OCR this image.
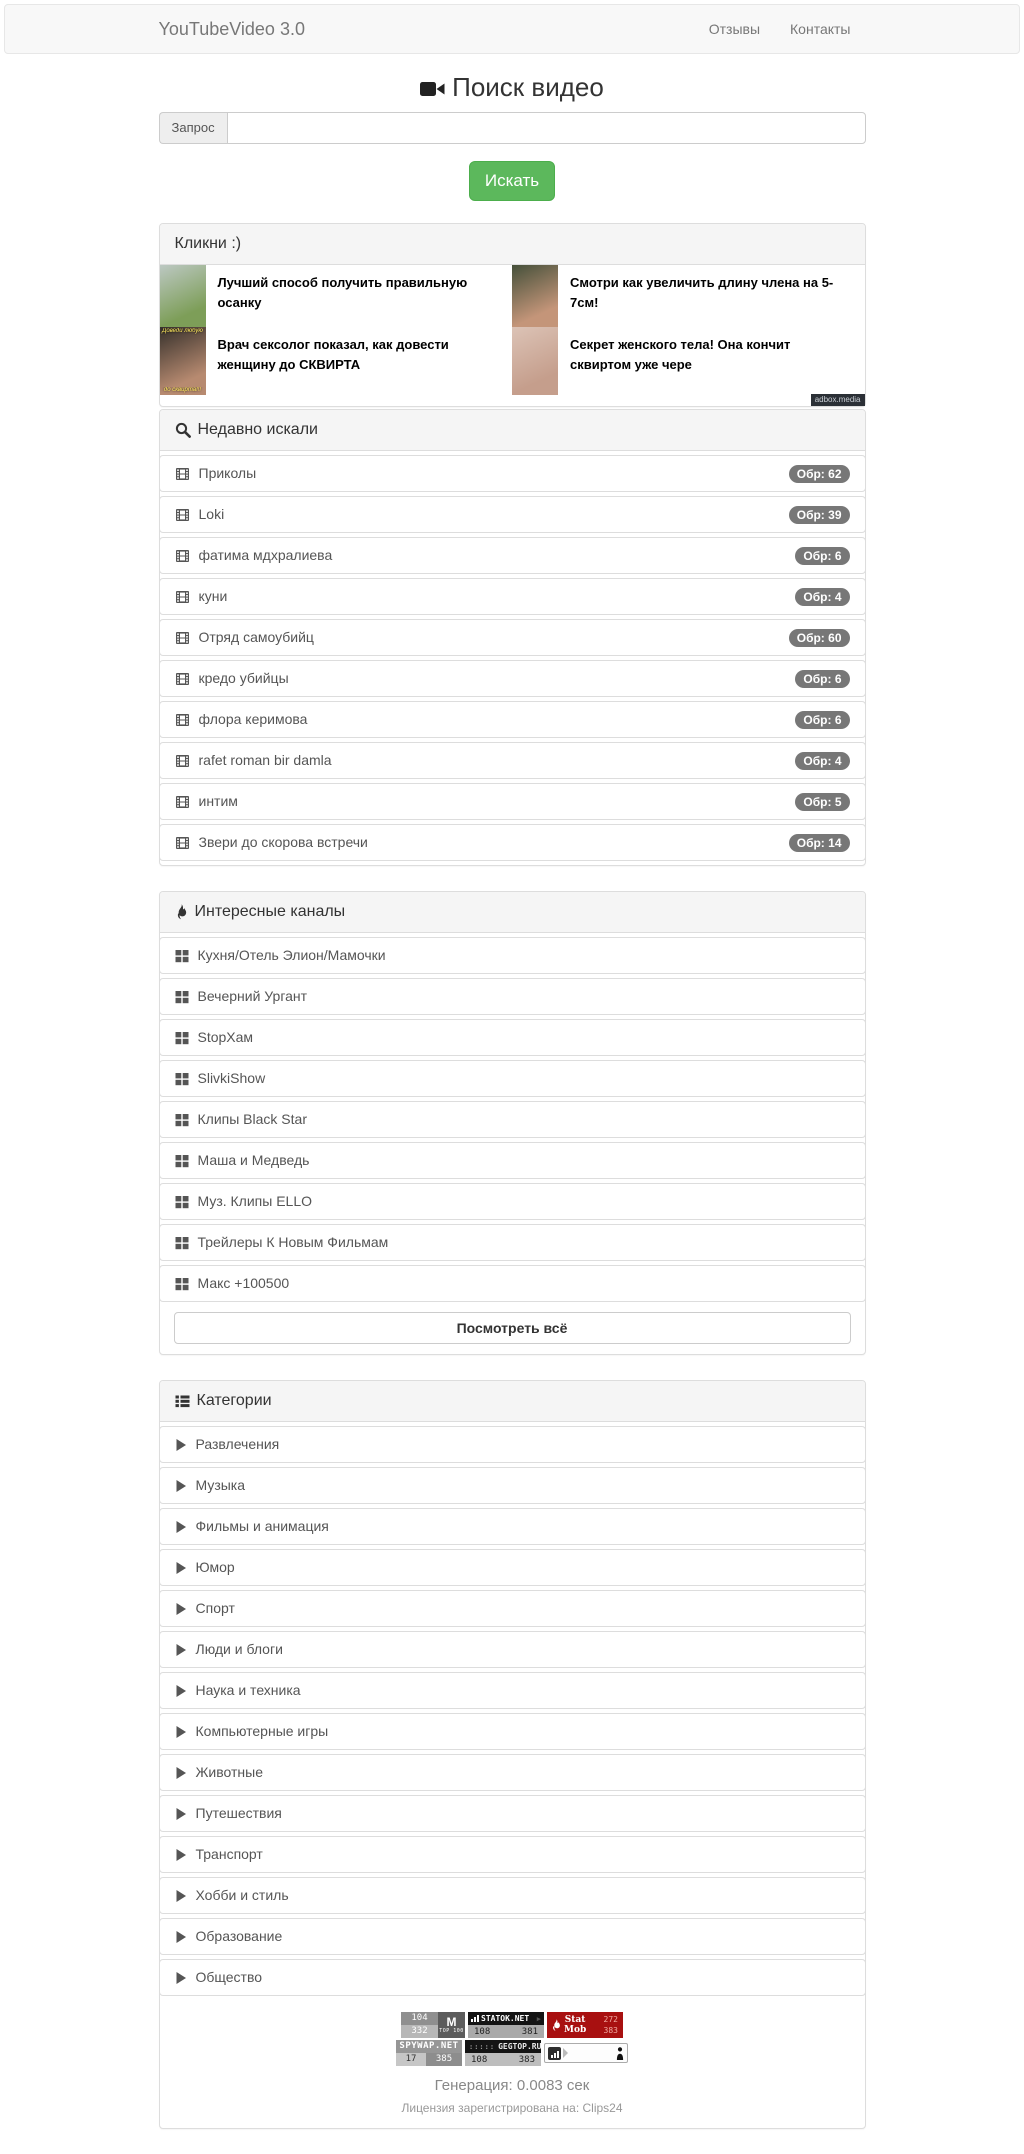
YouTubeVideo 3.0	Отзывы	Контакты
Поиск видео
Запрос
Искать
Кликни :)
Лучший способ получить правильную осанку
Смотри как увеличить длину члена на 5-7см!
Доведи любую
до сквирта!!!
Врач сексолог показал, как довести женщину до СКВИРТА
Секрет женского тела! Она кончит сквиртом уже чере
adbox.media
Недавно искали
Приколы	Обр: 62
Loki	Обр: 39
фатима мдхралиева	Обр: 6
куни	Обр: 4
Отряд самоубийц	Обр: 60
кредо убийцы	Обр: 6
флора керимова	Обр: 6
rafet roman bir damla	Обр: 4
интим	Обр: 5
Звери до скорова встречи	Обр: 14
Интересные каналы
Кухня/Отель Элион/Мамочки
Вечерний Ургант
StopХам
SlivkiShow
Клипы Black Star
Маша и Медведь
Муз. Клипы ELLO
Трейлеры К Новым Фильмам
Макс +100500
Посмотреть всё
Категории
Развлечения
Музыка
Фильмы и анимация
Юмор
Спорт
Люди и блоги
Наука и техника
Компьютерные игры
Животные
Путешествия
Транспорт
Хобби и стиль
Образование
Общество
104	M
TOP 100
332
STATOK.NET ▶
108	381
Stat
Mob
272
383
SPYWAP.NET
17	385
::::: GEGTOP.RU
108	383
Генерация: 0.0083 сек
Лицензия зарегистрирована на: Clips24
